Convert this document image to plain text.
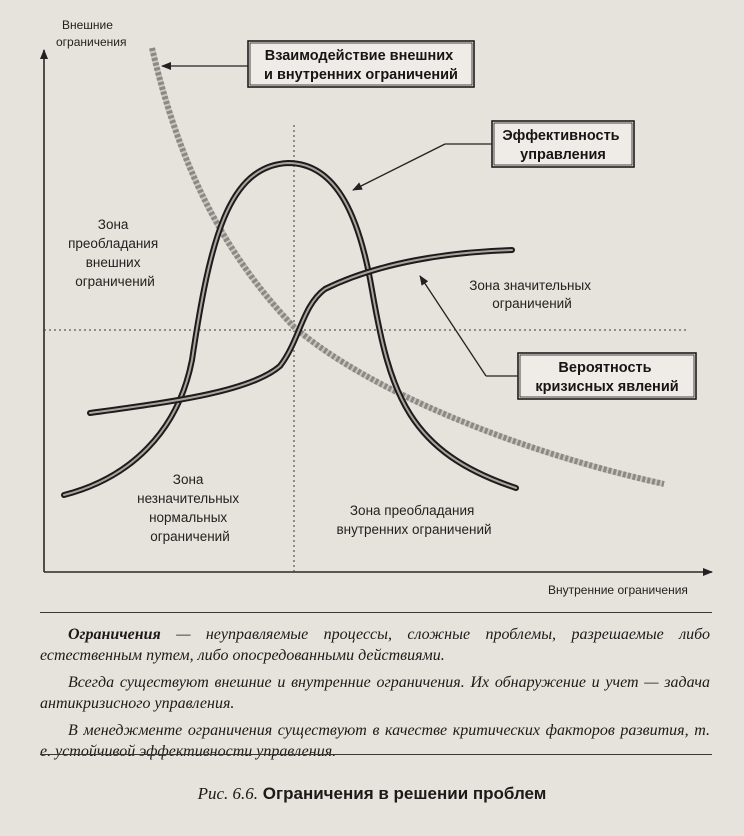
Внешние ограничения
Внутренние ограничения
Зона преобладания внешних ограничений	Зона значительных ограничений
Зона незначительных нормальных ограничений
Зона преобладания внутренних ограничений
Взаимодействие внешних и внутренних ограничений
Эффективность управления
Вероятность кризисных явлений

Ограничения — неуправляемые процессы, сложные проблемы, разрешаемые либо естественным путем, либо опосредованными действиями.

Всегда существуют внешние и внутренние ограничения. Их обнаружение и учет — задача антикризисного управления.

В менеджменте ограничения существуют в качестве критических факторов развития, т. е. устойчивой эффективности управления.

Рис. 6.6. Ограничения в решении проблем
